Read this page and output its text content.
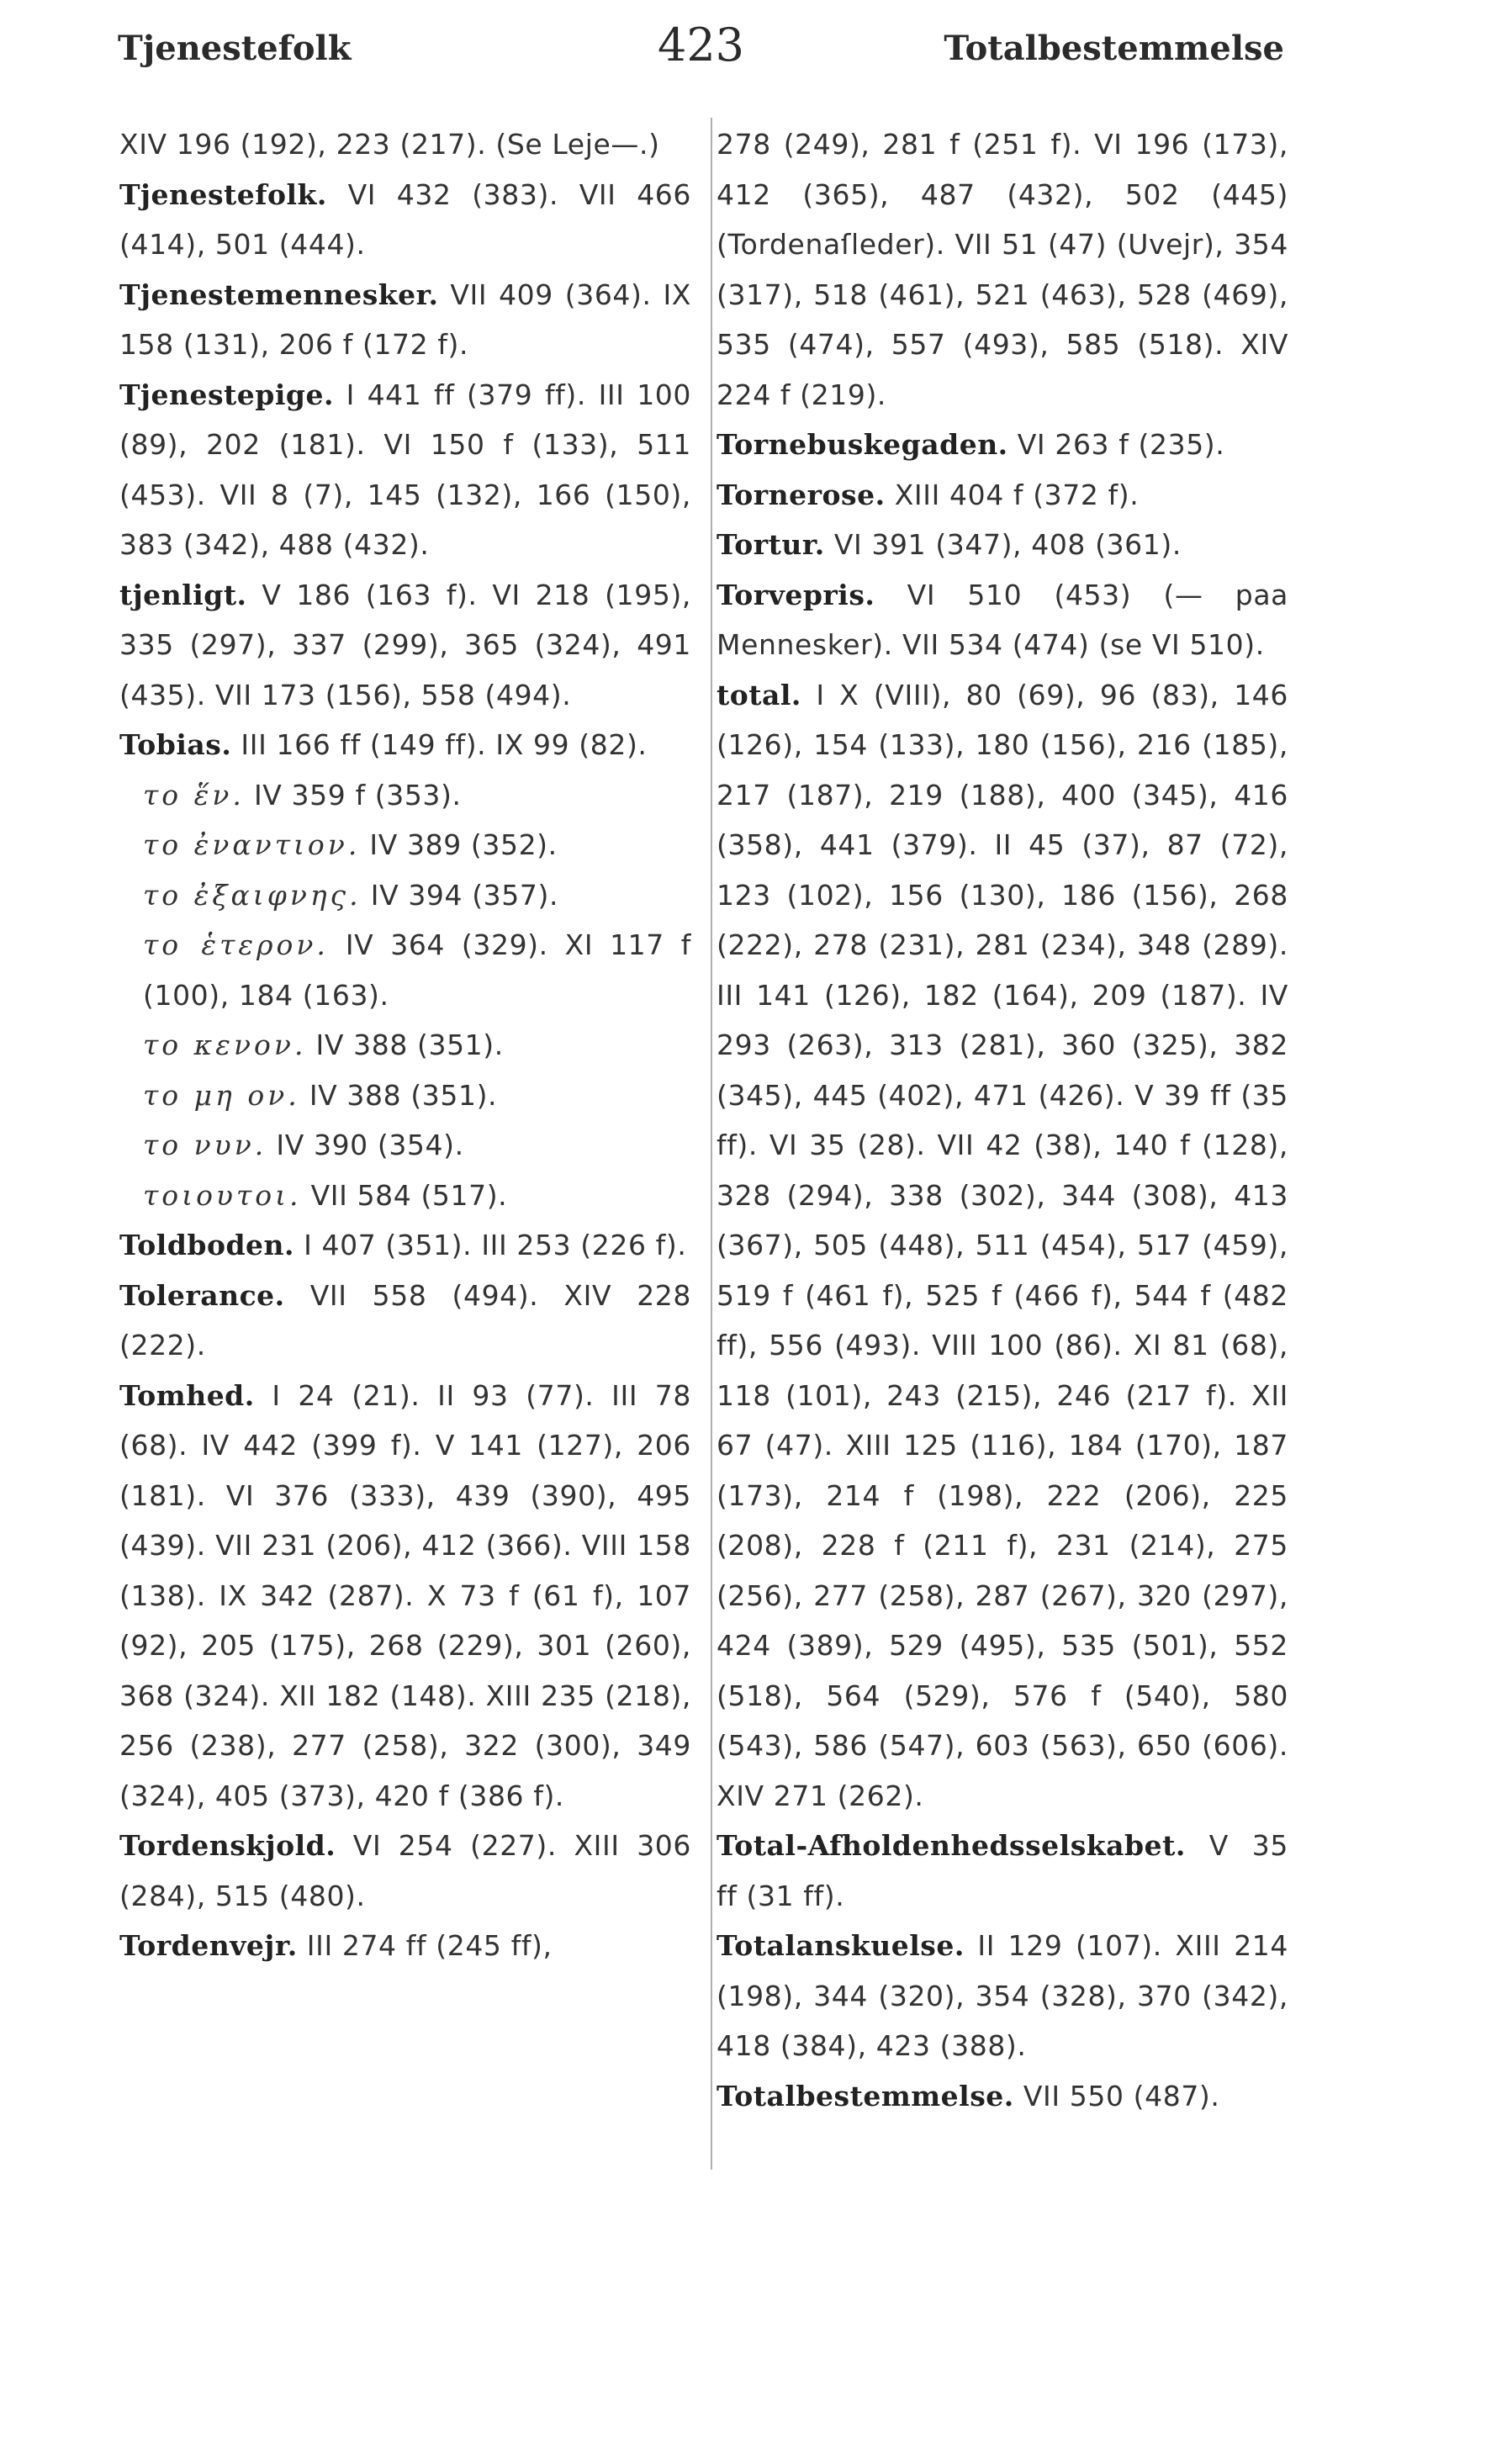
Tjenestefolk	423	Totalbestemmelse

XIV 196 (192), 223 (217). (Se Leje—.)

Tjenestefolk. VI 432 (383). VII 466 (414), 501 (444).

Tjenestemennesker. VII 409 (364). IX 158 (131), 206 f (172 f).

Tjenestepige. I 441 ff (379 ff). III 100 (89), 202 (181). VI 150 f (133), 511 (453). VII 8 (7), 145 (132), 166 (150), 383 (342), 488 (432).

tjenligt. V 186 (163 f). VI 218 (195), 335 (297), 337 (299), 365 (324), 491 (435). VII 173 (156), 558 (494).

Tobias. III 166 ff (149 ff). IX 99 (82).

το ἕν. IV 359 f (353).

το ἐναντιον. IV 389 (352).

το ἐξαιφνης. IV 394 (357).

το ἑτερον. IV 364 (329). XI 117 f (100), 184 (163).

το κενον. IV 388 (351).

το μη ον. IV 388 (351).

το νυν. IV 390 (354).

τοιουτοι. VII 584 (517).

Toldboden. I 407 (351). III 253 (226 f).

Tolerance. VII 558 (494). XIV 228 (222).

Tomhed. I 24 (21). II 93 (77). III 78 (68). IV 442 (399 f). V 141 (127), 206 (181). VI 376 (333), 439 (390), 495 (439). VII 231 (206), 412 (366). VIII 158 (138). IX 342 (287). X 73 f (61 f), 107 (92), 205 (175), 268 (229), 301 (260), 368 (324). XII 182 (148). XIII 235 (218), 256 (238), 277 (258), 322 (300), 349 (324), 405 (373), 420 f (386 f).

Tordenskjold. VI 254 (227). XIII 306 (284), 515 (480).

Tordenvejr. III 274 ff (245 ff),

278 (249), 281 f (251 f). VI 196 (173), 412 (365), 487 (432), 502 (445) (Tordenaſleder). VII 51 (47) (Uvejr), 354 (317), 518 (461), 521 (463), 528 (469), 535 (474), 557 (493), 585 (518). XIV 224 f (219).

Tornebuskegaden. VI 263 f (235).

Tornerose. XIII 404 f (372 f).

Tortur. VI 391 (347), 408 (361).

Torvepris. VI 510 (453) (— paa Mennesker). VII 534 (474) (se VI 510).

total. I X (VIII), 80 (69), 96 (83), 146 (126), 154 (133), 180 (156), 216 (185), 217 (187), 219 (188), 400 (345), 416 (358), 441 (379). II 45 (37), 87 (72), 123 (102), 156 (130), 186 (156), 268 (222), 278 (231), 281 (234), 348 (289). III 141 (126), 182 (164), 209 (187). IV 293 (263), 313 (281), 360 (325), 382 (345), 445 (402), 471 (426). V 39 ff (35 ff). VI 35 (28). VII 42 (38), 140 f (128), 328 (294), 338 (302), 344 (308), 413 (367), 505 (448), 511 (454), 517 (459), 519 f (461 f), 525 f (466 f), 544 f (482 ff), 556 (493). VIII 100 (86). XI 81 (68), 118 (101), 243 (215), 246 (217 f). XII 67 (47). XIII 125 (116), 184 (170), 187 (173), 214 f (198), 222 (206), 225 (208), 228 f (211 f), 231 (214), 275 (256), 277 (258), 287 (267), 320 (297), 424 (389), 529 (495), 535 (501), 552 (518), 564 (529), 576 f (540), 580 (543), 586 (547), 603 (563), 650 (606). XIV 271 (262).

Total-Afholdenhedsselskabet. V 35 ff (31 ff).

Totalanskuelse. II 129 (107). XIII 214 (198), 344 (320), 354 (328), 370 (342), 418 (384), 423 (388).

Totalbestemmelse. VII 550 (487).
